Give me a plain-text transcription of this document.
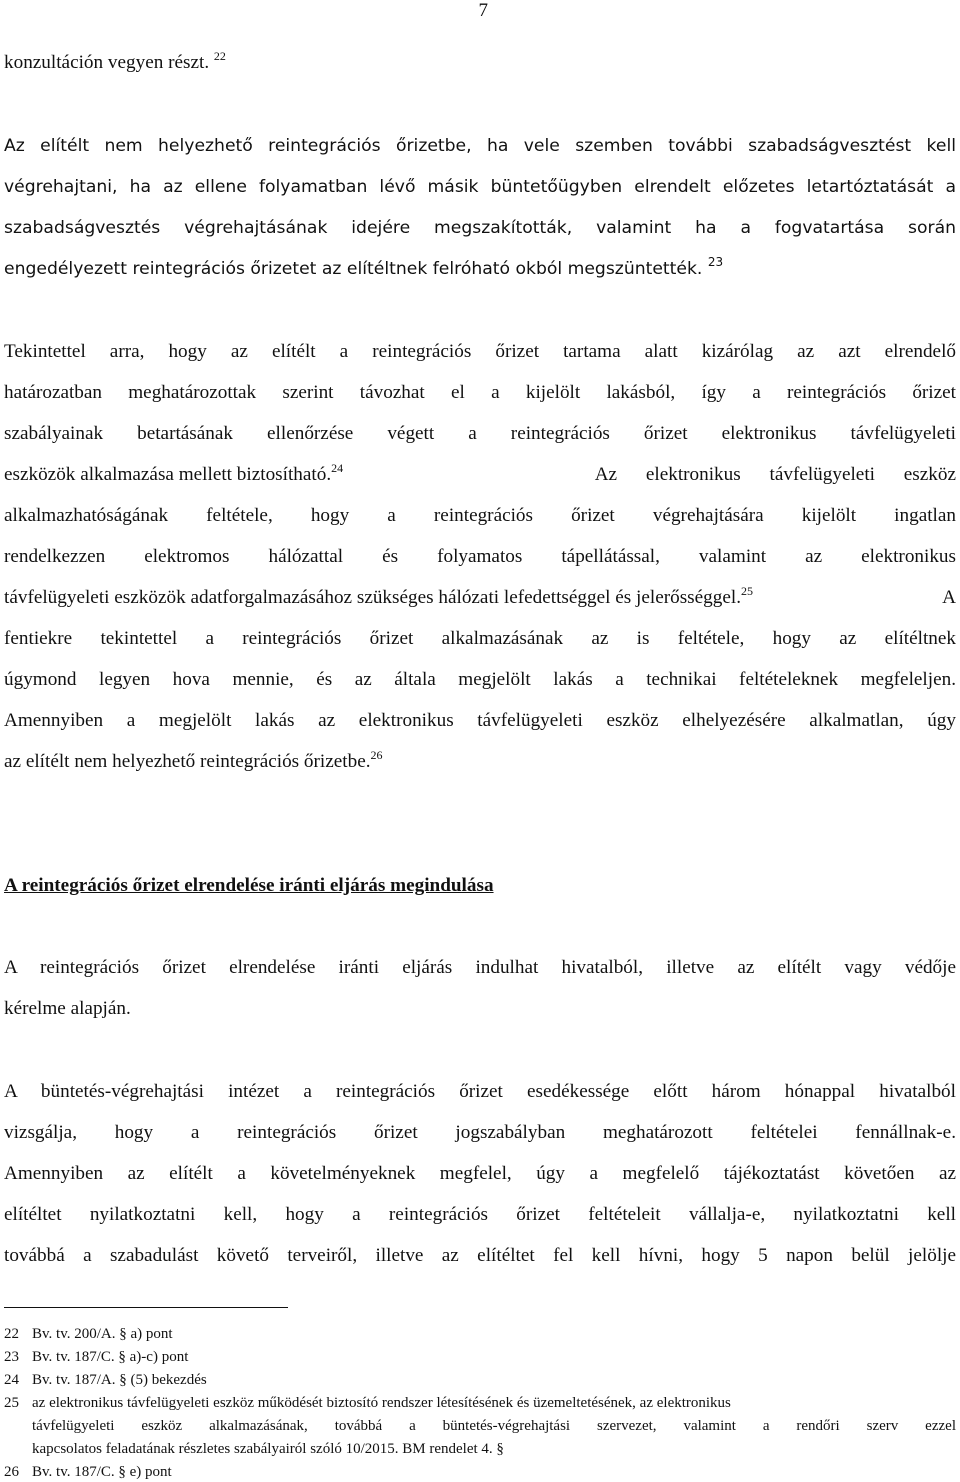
7
konzultáción vegyen részt. $^{22}$
Az elítélt nem helyezhető reintegrációs őrizetbe, ha vele szemben további szabadságvesztést kell
végrehajtani, ha az ellene folyamatban lévő másik büntetőügyben elrendelt előzetes letartóztatását a
szabadságvesztés végrehajtásának idejére megszakították, valamint ha a fogvatartása során
engedélyezett reintegrációs őrizetet az elítéltnek felróható okból megszüntették. $^{23}$
Tekintettel arra, hogy az elítélt a reintegrációs őrizet tartama alatt kizárólag az azt elrendelő
határozatban meghatározottak szerint távozhat el a kijelölt lakásból, így a reintegrációs őrizet
szabályainak betartásának ellenőrzése végett a reintegrációs őrizet elektronikus távfelügyeleti
eszközök alkalmazása mellett biztosítható.$^{24}$	Az elektronikus távfelügyeleti eszköz
alkalmazhatóságának feltétele, hogy a reintegrációs őrizet végrehajtására kijelölt ingatlan
rendelkezzen elektromos hálózattal és folyamatos tápellátással, valamint az elektronikus
távfelügyeleti eszközök adatforgalmazásához szükséges hálózati lefedettséggel és jelerősséggel.$^{25}$	A
fentiekre tekintettel a reintegrációs őrizet alkalmazásának az is feltétele, hogy az elítéltnek
úgymond legyen hova mennie, és az általa megjelölt lakás a technikai feltételeknek megfeleljen.
Amennyiben a megjelölt lakás az elektronikus távfelügyeleti eszköz elhelyezésére alkalmatlan, úgy
az elítélt nem helyezhető reintegrációs őrizetbe.$^{26}$
A reintegrációs őrizet elrendelése iránti eljárás megindulása
A reintegrációs őrizet elrendelése iránti eljárás indulhat hivatalból, illetve az elítélt vagy védője
kérelme alapján.
A büntetés-végrehajtási intézet a reintegrációs őrizet esedékessége előtt három hónappal hivatalból
vizsgálja, hogy a reintegrációs őrizet jogszabályban meghatározott feltételei fennállnak-e.
Amennyiben az elítélt a követelményeknek megfelel, úgy a megfelelő tájékoztatást követően az
elítéltet nyilatkoztatni kell, hogy a reintegrációs őrizet feltételeit vállalja-e, nyilatkoztatni kell
továbbá a szabadulást követő terveiről, illetve az elítéltet fel kell hívni, hogy 5 napon belül jelölje
22 Bv. tv. 200/A. § a) pont
23 Bv. tv. 187/C. § a)-c) pont
24 Bv. tv. 187/A. § (5) bekezdés
25 az elektronikus távfelügyeleti eszköz működését biztosító rendszer létesítésének és üzemeltetésének, az elektronikus
távfelügyeleti eszköz alkalmazásának, továbbá a büntetés-végrehajtási szervezet, valamint a rendőri szerv ezzel
kapcsolatos feladatának részletes szabályairól szóló 10/2015. BM rendelet 4. §
26 Bv. tv. 187/C. § e) pont
